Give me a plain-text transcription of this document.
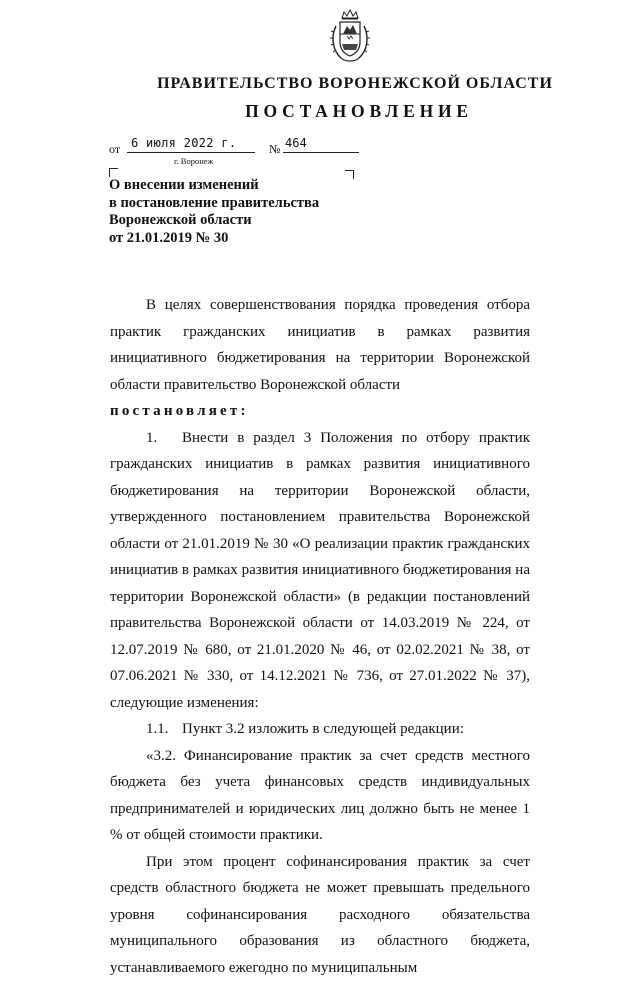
ПРАВИТЕЛЬСТВО ВОРОНЕЖСКОЙ ОБЛАСТИ
ПОСТАНОВЛЕНИЕ
от 6 июля 2022 г.	№ 464
г. Воронеж
О внесении изменений
в постановление правительства
Воронежской области
от 21.01.2019 № 30

В целях совершенствования порядка проведения отбора практик гражданских инициатив в рамках развития инициативного бюджетирования на территории Воронежской области правительство Воронежской области

постановляет:

1. Внести в раздел 3 Положения по отбору практик гражданских инициатив в рамках развития инициативного бюджетирования на территории Воронежской области, утвержденного постановлением правительства Воронежской области от 21.01.2019 № 30 «О реализации практик гражданских инициатив в рамках развития инициативного бюджетирования на территории Воронежской области» (в редакции постановлений правительства Воронежской области от 14.03.2019 № 224, от 12.07.2019 № 680, от 21.01.2020 № 46, от 02.02.2021 № 38, от 07.06.2021 № 330, от 14.12.2021 № 736, от 27.01.2022 № 37), следующие изменения:

1.1. Пункт 3.2 изложить в следующей редакции:

«3.2. Финансирование практик за счет средств местного бюджета без учета финансовых средств индивидуальных предпринимателей и юридических лиц должно быть не менее 1 % от общей стоимости практики.

При этом процент софинансирования практик за счет средств областного бюджета не может превышать предельного уровня софинансирования расходного обязательства муниципального образования из областного бюджета, устанавливаемого ежегодно по муниципальным
